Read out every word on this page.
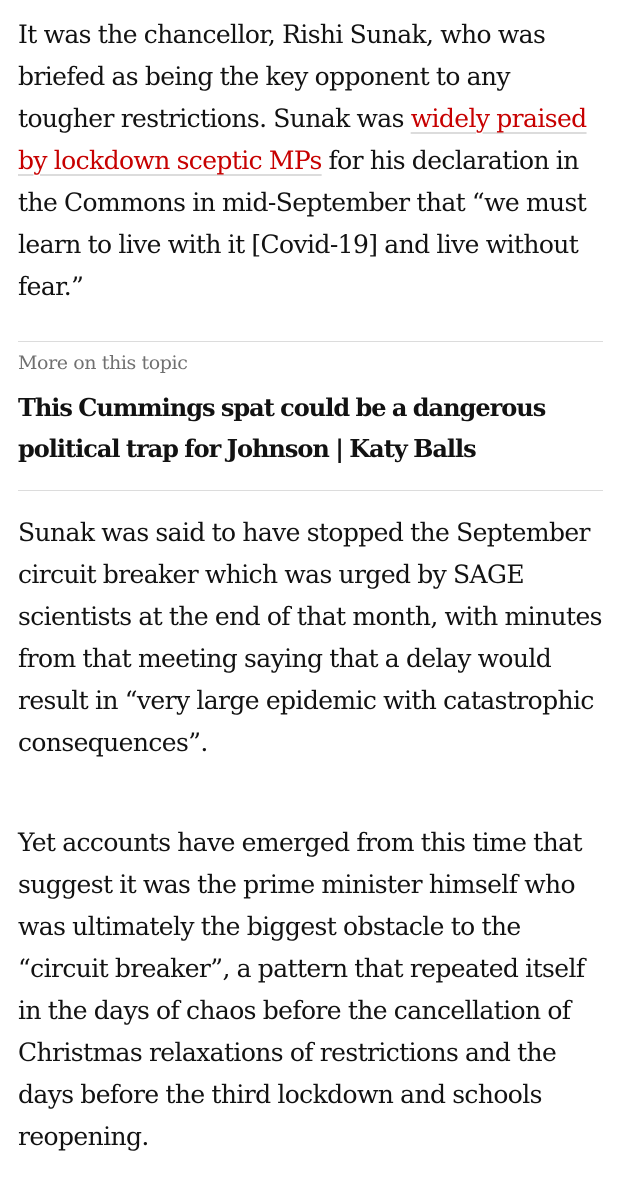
It was the chancellor, Rishi Sunak, who was briefed as being the key opponent to any tougher restrictions. Sunak was widely praised by lockdown sceptic MPs for his declaration in the Commons in mid-September that “we must learn to live with it [Covid-19] and live without fear.”

More on this topic
This Cummings spat could be a dangerous political trap for Johnson | Katy Balls

Sunak was said to have stopped the September circuit breaker which was urged by SAGE scientists at the end of that month, with minutes from that meeting saying that a delay would result in “very large epidemic with catastrophic consequences”.

Yet accounts have emerged from this time that suggest it was the prime minister himself who was ultimately the biggest obstacle to the “circuit breaker”, a pattern that repeated itself in the days of chaos before the cancellation of Christmas relaxations of restrictions and the days before the third lockdown and schools reopening.
